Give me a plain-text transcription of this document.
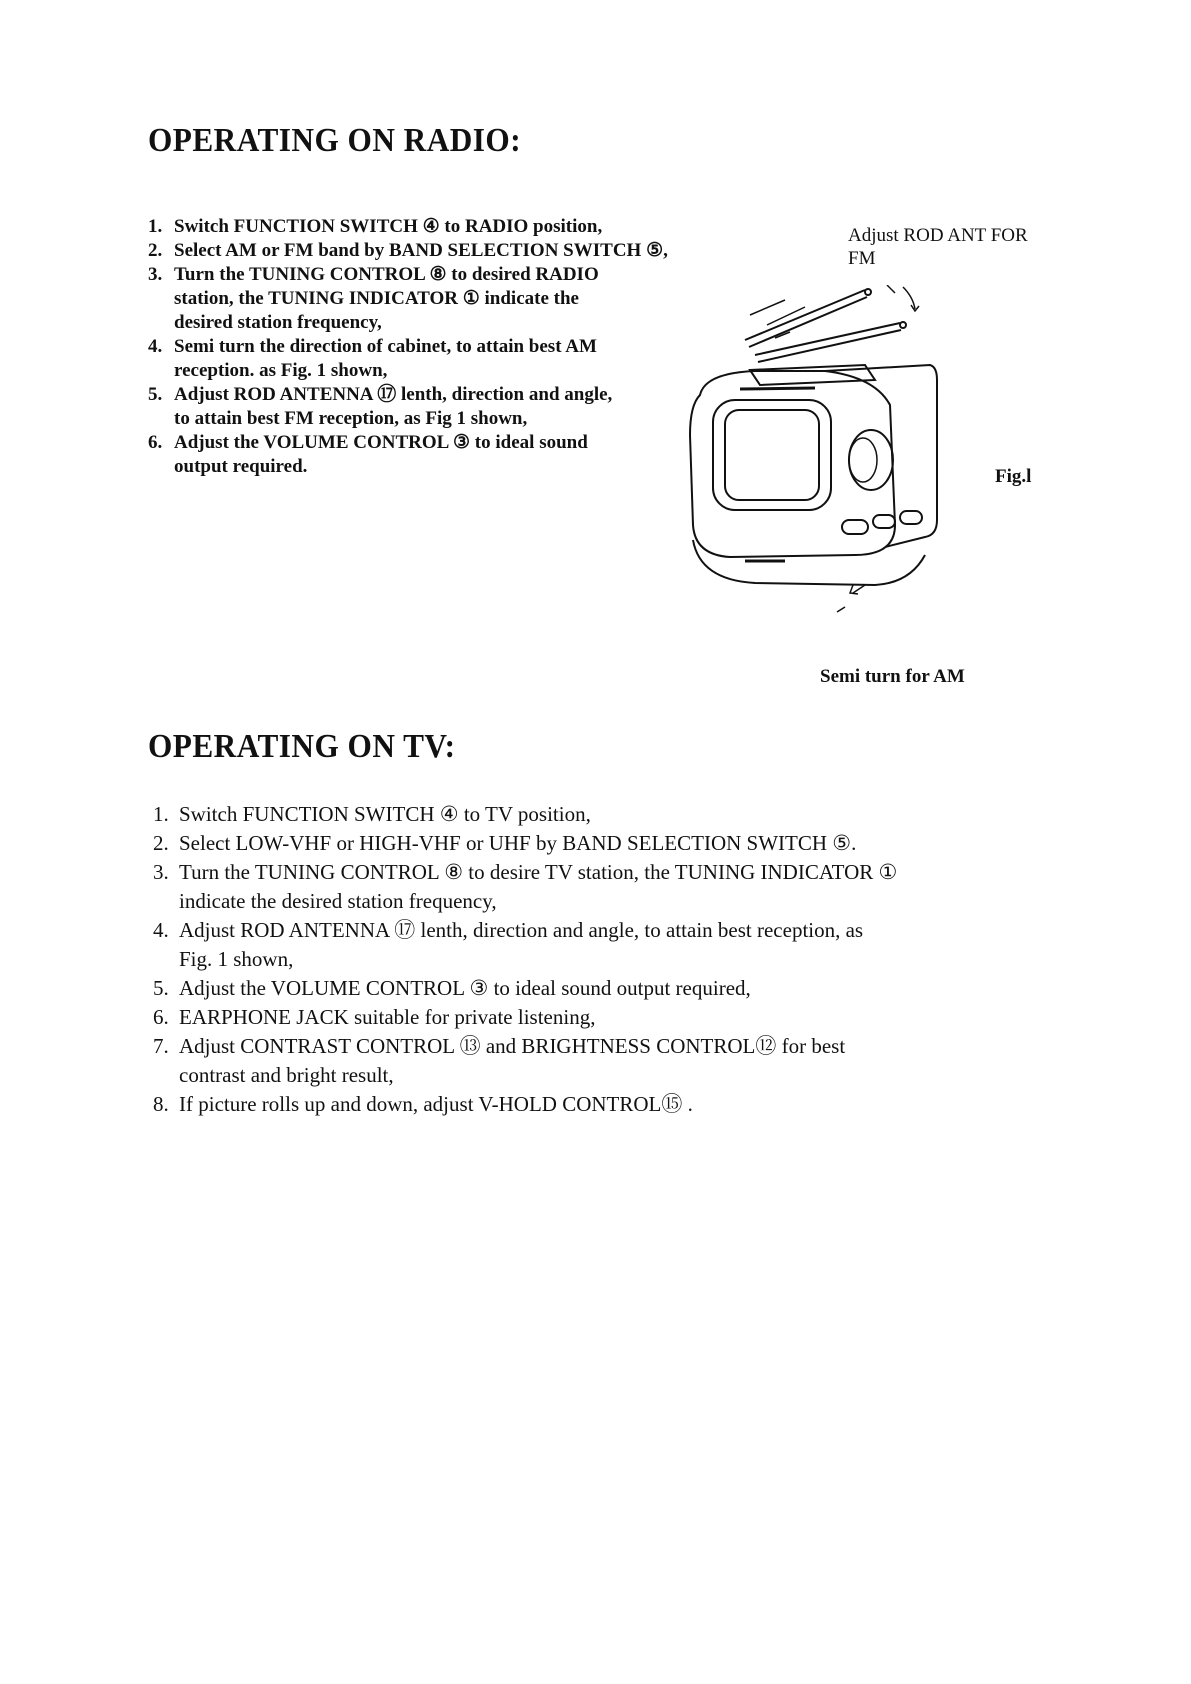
OPERATING ON RADIO:
1. Switch FUNCTION SWITCH ④ to RADIO position,
2. Select AM or FM band by BAND SELECTION SWITCH ⑤,
3. Turn the TUNING CONTROL ⑧ to desired RADIO station, the TUNING INDICATOR ① indicate the desired station frequency,
4. Semi turn the direction of cabinet, to attain best AM reception. as Fig. 1 shown,
5. Adjust ROD ANTENNA ⑰ lenth, direction and angle, to attain best FM reception, as Fig 1 shown,
6. Adjust the VOLUME CONTROL ③ to ideal sound output required.

Adjust ROD ANT FOR FM

Fig.l

Semi turn for AM

OPERATING ON TV:
1. Switch FUNCTION SWITCH ④ to TV position,
2. Select LOW-VHF or HIGH-VHF or UHF by BAND SELECTION SWITCH ⑤.
3. Turn the TUNING CONTROL ⑧ to desire TV station, the TUNING INDICATOR ① indicate the desired station frequency,
4. Adjust ROD ANTENNA ⑰ lenth, direction and angle, to attain best reception, as Fig. 1 shown,
5. Adjust the VOLUME CONTROL ③ to ideal sound output required,
6. EARPHONE JACK suitable for private listening,
7. Adjust CONTRAST CONTROL ⑬ and BRIGHTNESS CONTROL⑫ for best contrast and bright result,
8. If picture rolls up and down, adjust V-HOLD CONTROL⑮ .
